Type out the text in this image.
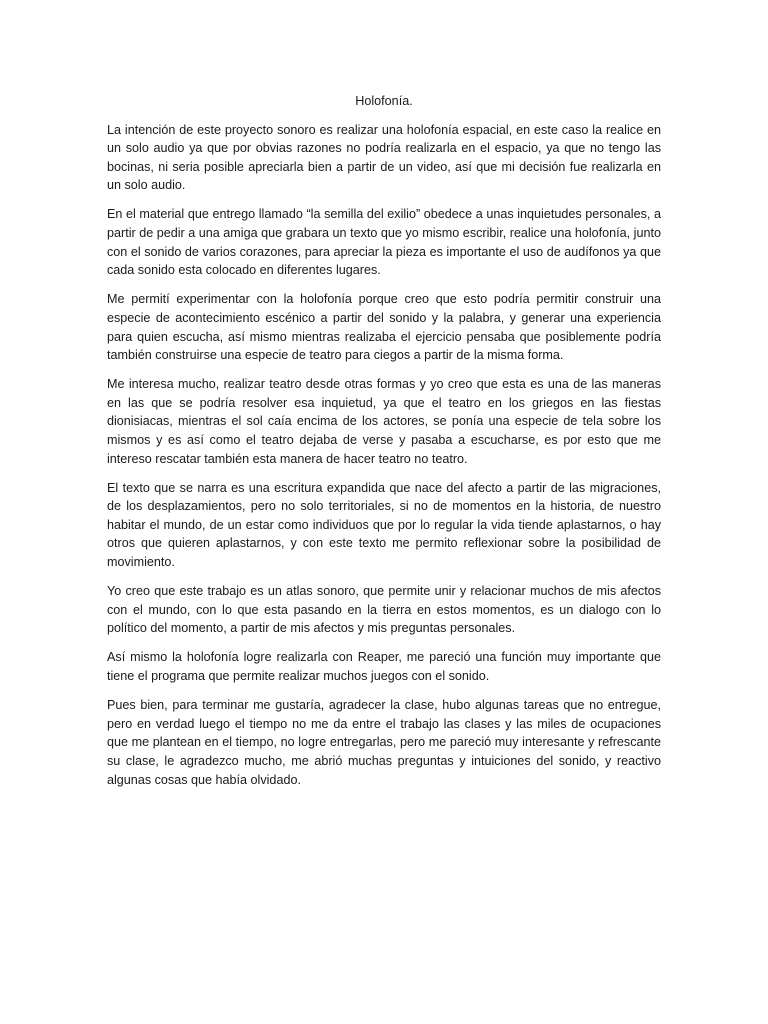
Holofonía.

La intención de este proyecto sonoro es realizar una holofonía espacial, en este caso la realice en un solo audio ya que por obvias razones no podría realizarla en el espacio, ya que no tengo las bocinas, ni seria posible apreciarla bien a partir de un video, así que mi decisión fue realizarla en un solo audio.

En el material que entrego llamado “la semilla del exilio” obedece a unas inquietudes personales, a partir de pedir a una amiga que grabara un texto que yo mismo escribir, realice una holofonía, junto con el sonido de varios corazones, para apreciar la pieza es importante el uso de audífonos ya que cada sonido esta colocado en diferentes lugares.

Me permití experimentar con la holofonía porque creo que esto podría permitir construir una especie de acontecimiento escénico a partir del sonido y la palabra, y generar una experiencia para quien escucha, así mismo mientras realizaba el ejercicio pensaba que posiblemente podría también construirse una especie de teatro para ciegos a partir de la misma forma.

Me interesa mucho, realizar teatro desde otras formas y yo creo que esta es una de las maneras en las que se podría resolver esa inquietud, ya que el teatro en los griegos en las fiestas dionisiacas, mientras el sol caía encima de los actores, se ponía una especie de tela sobre los mismos y es así como el teatro dejaba de verse y pasaba a escucharse, es por esto que me intereso rescatar también esta manera de hacer teatro no teatro.

El texto que se narra es una escritura expandida que nace del afecto a partir de las migraciones, de los desplazamientos, pero no solo territoriales, si no de momentos en la historia, de nuestro habitar el mundo, de un estar como individuos que por lo regular la vida tiende aplastarnos, o hay otros que quieren aplastarnos, y con este texto me permito reflexionar sobre la posibilidad de movimiento.

Yo creo que este trabajo es un atlas sonoro, que permite unir y relacionar muchos de mis afectos con el mundo, con lo que esta pasando en la tierra en estos momentos, es un dialogo con lo político del momento, a partir de mis afectos y mis preguntas personales.

Así mismo la holofonía logre realizarla con Reaper, me pareció una función muy importante que tiene el programa que permite realizar muchos juegos con el sonido.

Pues bien, para terminar me gustaría, agradecer la clase, hubo algunas tareas que no entregue, pero en verdad luego el tiempo no me da entre el trabajo las clases y las miles de ocupaciones que me plantean en el tiempo, no logre entregarlas, pero me pareció muy interesante y refrescante su clase, le agradezco mucho, me abrió muchas preguntas y intuiciones del sonido, y reactivo algunas cosas que había olvidado.
